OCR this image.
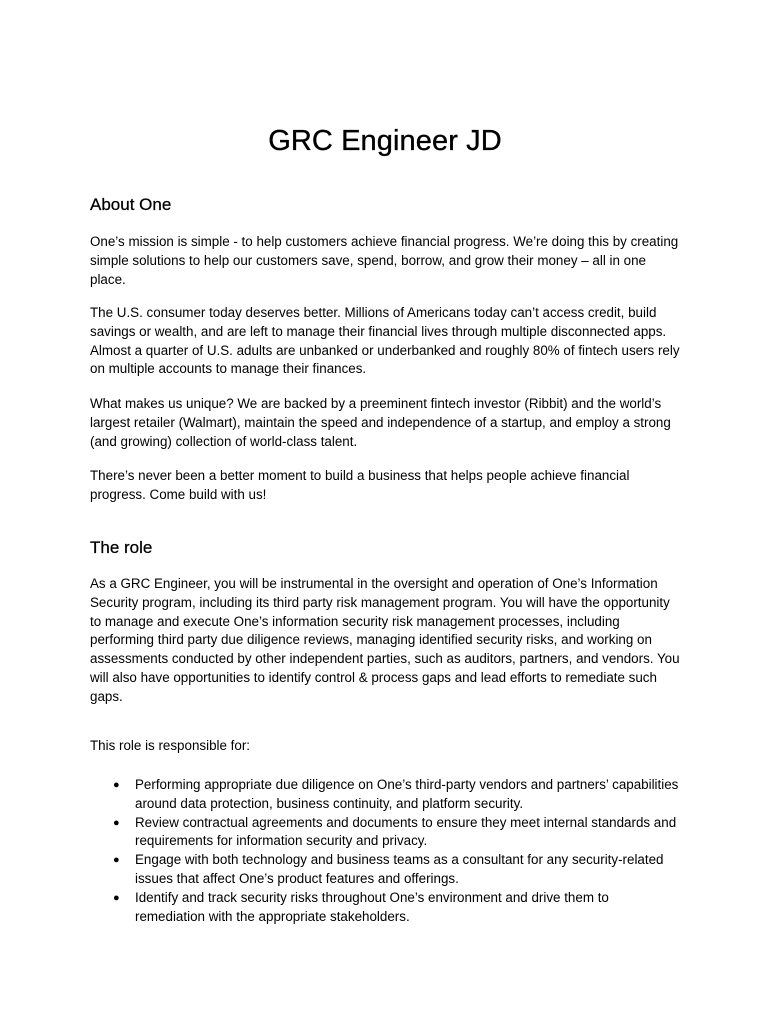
GRC Engineer JD
About One

One’s mission is simple - to help customers achieve financial progress. We’re doing this by creating simple solutions to help our customers save, spend, borrow, and grow their money – all in one place.

The U.S. consumer today deserves better. Millions of Americans today can’t access credit, build savings or wealth, and are left to manage their financial lives through multiple disconnected apps. Almost a quarter of U.S. adults are unbanked or underbanked and roughly 80% of fintech users rely on multiple accounts to manage their finances.

What makes us unique? We are backed by a preeminent fintech investor (Ribbit) and the world’s largest retailer (Walmart), maintain the speed and independence of a startup, and employ a strong (and growing) collection of world-class talent.

There’s never been a better moment to build a business that helps people achieve financial progress. Come build with us!

The role

As a GRC Engineer, you will be instrumental in the oversight and operation of One’s Information Security program, including its third party risk management program. You will have the opportunity to manage and execute One’s information security risk management processes, including performing third party due diligence reviews, managing identified security risks, and working on assessments conducted by other independent parties, such as auditors, partners, and vendors. You will also have opportunities to identify control & process gaps and lead efforts to remediate such gaps.

This role is responsible for:

● Performing appropriate due diligence on One’s third-party vendors and partners’ capabilities around data protection, business continuity, and platform security.
● Review contractual agreements and documents to ensure they meet internal standards and requirements for information security and privacy.
● Engage with both technology and business teams as a consultant for any security-related issues that affect One’s product features and offerings.
● Identify and track security risks throughout One’s environment and drive them to remediation with the appropriate stakeholders.
